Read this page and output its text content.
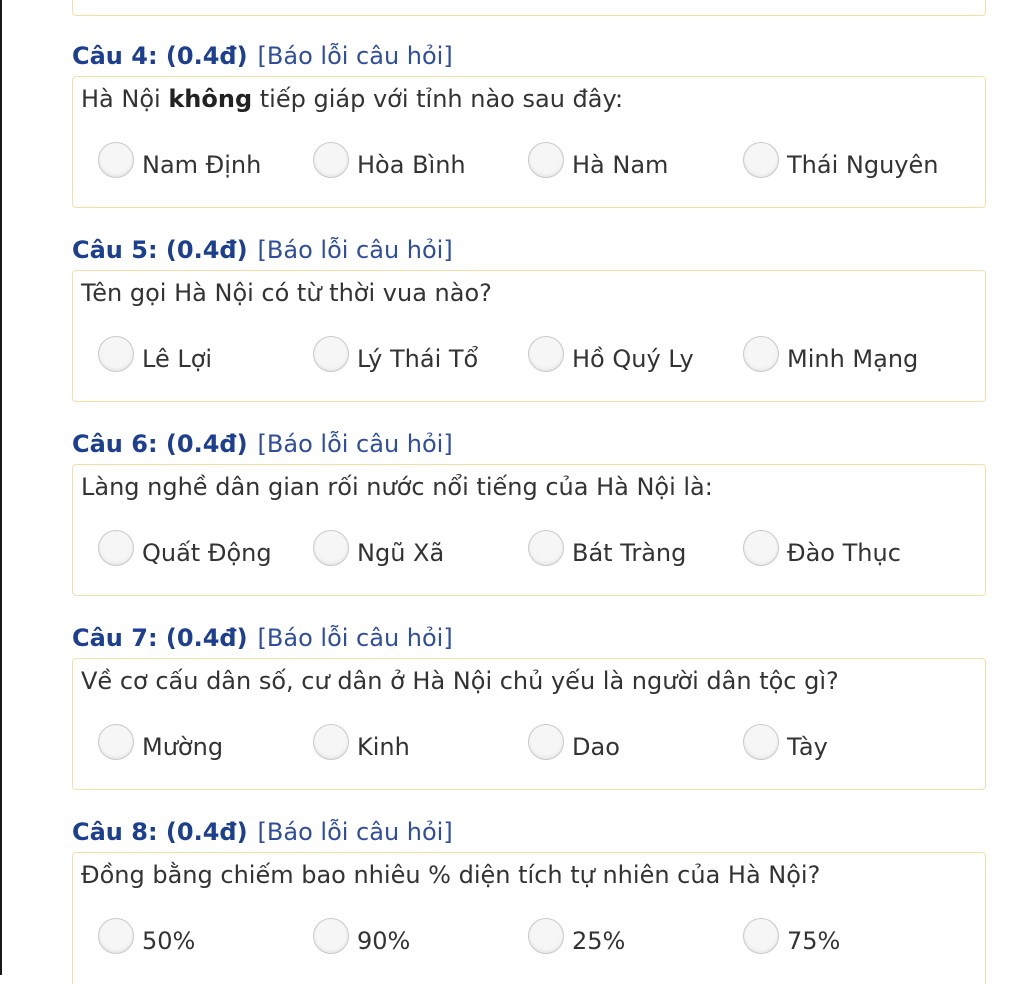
Câu 4: (0.4đ) [Báo lỗi câu hỏi]
Hà Nội không tiếp giáp với tỉnh nào sau đây:
Nam Định	Hòa Bình	Hà Nam	Thái Nguyên
Câu 5: (0.4đ) [Báo lỗi câu hỏi]
Tên gọi Hà Nội có từ thời vua nào?
Lê Lợi	Lý Thái Tổ	Hồ Quý Ly	Minh Mạng
Câu 6: (0.4đ) [Báo lỗi câu hỏi]
Làng nghề dân gian rối nước nổi tiếng của Hà Nội là:
Quất Động	Ngũ Xã	Bát Tràng	Đào Thục
Câu 7: (0.4đ) [Báo lỗi câu hỏi]
Về cơ cấu dân số, cư dân ở Hà Nội chủ yếu là người dân tộc gì?
Mường	Kinh	Dao	Tày
Câu 8: (0.4đ) [Báo lỗi câu hỏi]
Đồng bằng chiếm bao nhiêu % diện tích tự nhiên của Hà Nội?
50%	90%	25%	75%
